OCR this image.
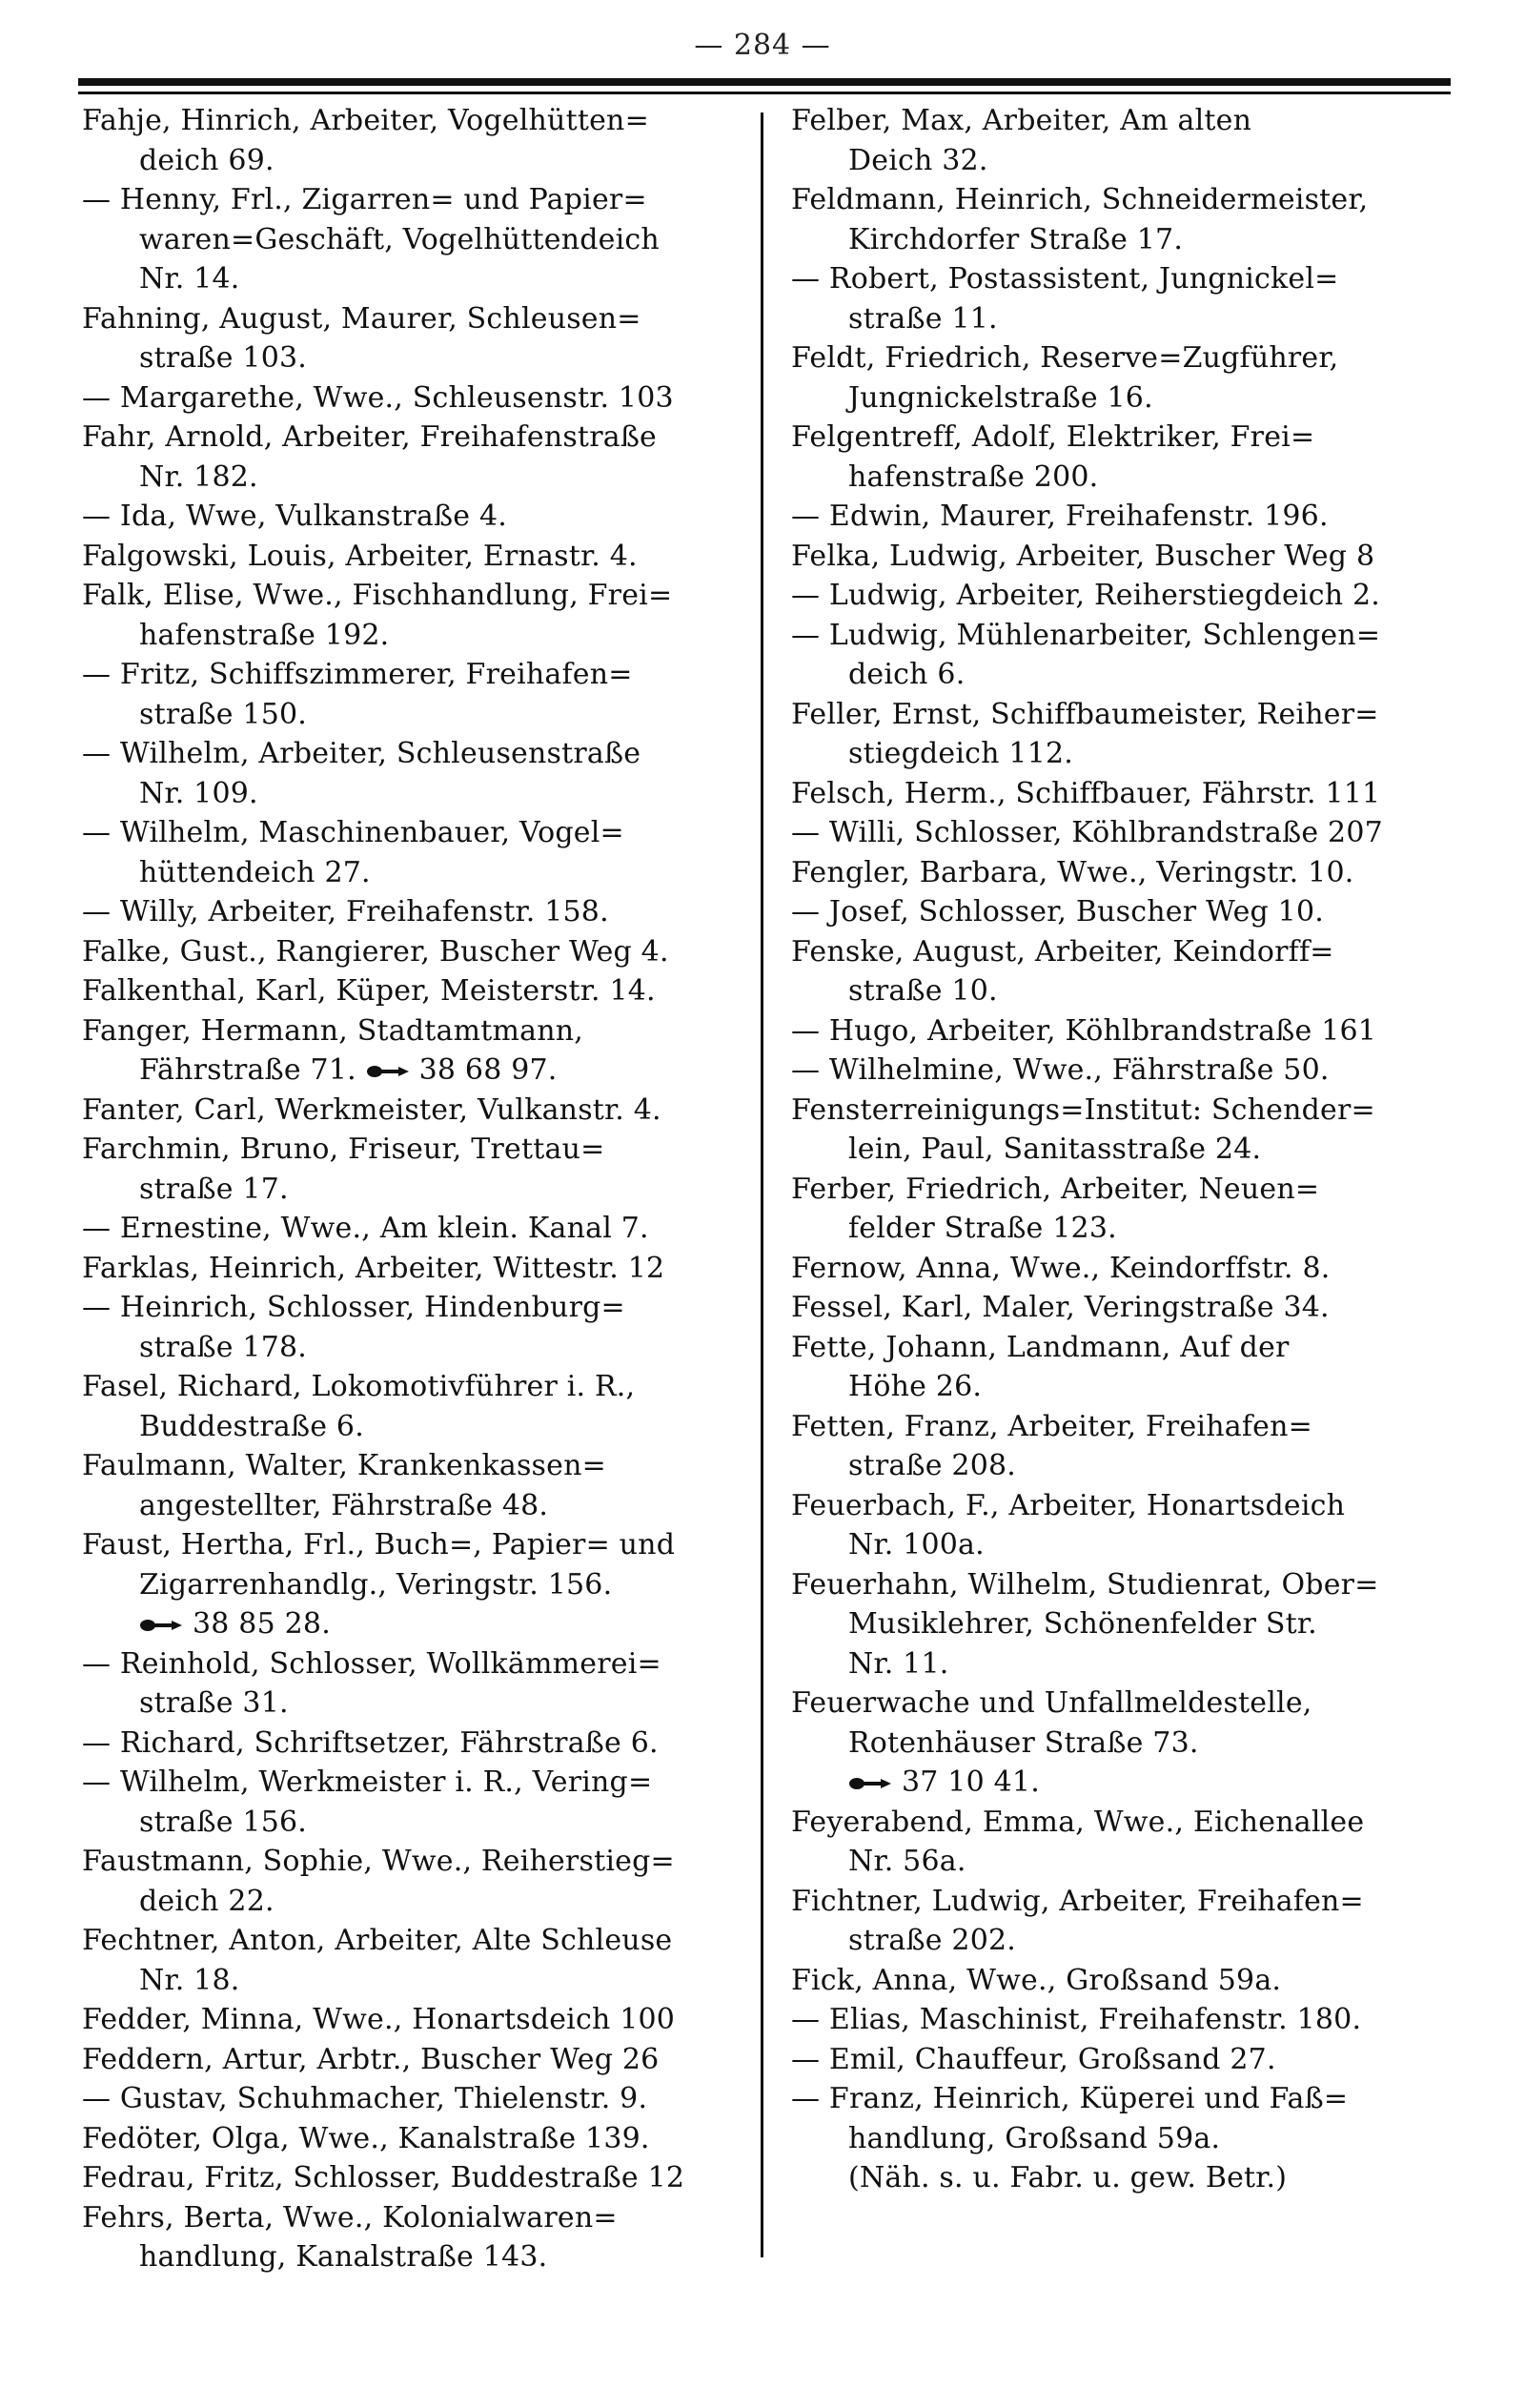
— 284 —
Fahje, Hinrich, Arbeiter, Vogelhütten=
deich 69.
— Henny, Frl., Zigarren= und Papier=
waren=Geschäft, Vogelhüttendeich
Nr. 14.
Fahning, August, Maurer, Schleusen=
straße 103.
— Margarethe, Wwe., Schleusenstr. 103
Fahr, Arnold, Arbeiter, Freihafenstraße
Nr. 182.
— Ida, Wwe, Vulkanstraße 4.
Falgowski, Louis, Arbeiter, Ernastr. 4.
Falk, Elise, Wwe., Fischhandlung, Frei=
hafenstraße 192.
— Fritz, Schiffszimmerer, Freihafen=
straße 150.
— Wilhelm, Arbeiter, Schleusenstraße
Nr. 109.
— Wilhelm, Maschinenbauer, Vogel=
hüttendeich 27.
— Willy, Arbeiter, Freihafenstr. 158.
Falke, Gust., Rangierer, Buscher Weg 4.
Falkenthal, Karl, Küper, Meisterstr. 14.
Fanger, Hermann, Stadtamtmann,
Fährstraße 71. 38 68 97.
Fanter, Carl, Werkmeister, Vulkanstr. 4.
Farchmin, Bruno, Friseur, Trettau=
straße 17.
— Ernestine, Wwe., Am klein. Kanal 7.
Farklas, Heinrich, Arbeiter, Wittestr. 12
— Heinrich, Schlosser, Hindenburg=
straße 178.
Fasel, Richard, Lokomotivführer i. R.,
Buddestraße 6.
Faulmann, Walter, Krankenkassen=
angestellter, Fährstraße 48.
Faust, Hertha, Frl., Buch=, Papier= und
Zigarrenhandlg., Veringstr. 156.
38 85 28.
— Reinhold, Schlosser, Wollkämmerei=
straße 31.
— Richard, Schriftsetzer, Fährstraße 6.
— Wilhelm, Werkmeister i. R., Vering=
straße 156.
Faustmann, Sophie, Wwe., Reiherstieg=
deich 22.
Fechtner, Anton, Arbeiter, Alte Schleuse
Nr. 18.
Fedder, Minna, Wwe., Honartsdeich 100
Feddern, Artur, Arbtr., Buscher Weg 26
— Gustav, Schuhmacher, Thielenstr. 9.
Fedöter, Olga, Wwe., Kanalstraße 139.
Fedrau, Fritz, Schlosser, Buddestraße 12
Fehrs, Berta, Wwe., Kolonialwaren=
handlung, Kanalstraße 143.
Felber, Max, Arbeiter, Am alten
Deich 32.
Feldmann, Heinrich, Schneidermeister,
Kirchdorfer Straße 17.
— Robert, Postassistent, Jungnickel=
straße 11.
Feldt, Friedrich, Reserve=Zugführer,
Jungnickelstraße 16.
Felgentreff, Adolf, Elektriker, Frei=
hafenstraße 200.
— Edwin, Maurer, Freihafenstr. 196.
Felka, Ludwig, Arbeiter, Buscher Weg 8
— Ludwig, Arbeiter, Reiherstiegdeich 2.
— Ludwig, Mühlenarbeiter, Schlengen=
deich 6.
Feller, Ernst, Schiffbaumeister, Reiher=
stiegdeich 112.
Felsch, Herm., Schiffbauer, Fährstr. 111
— Willi, Schlosser, Köhlbrandstraße 207
Fengler, Barbara, Wwe., Veringstr. 10.
— Josef, Schlosser, Buscher Weg 10.
Fenske, August, Arbeiter, Keindorff=
straße 10.
— Hugo, Arbeiter, Köhlbrandstraße 161
— Wilhelmine, Wwe., Fährstraße 50.
Fensterreinigungs=Institut: Schender=
lein, Paul, Sanitasstraße 24.
Ferber, Friedrich, Arbeiter, Neuen=
felder Straße 123.
Fernow, Anna, Wwe., Keindorffstr. 8.
Fessel, Karl, Maler, Veringstraße 34.
Fette, Johann, Landmann, Auf der
Höhe 26.
Fetten, Franz, Arbeiter, Freihafen=
straße 208.
Feuerbach, F., Arbeiter, Honartsdeich
Nr. 100a.
Feuerhahn, Wilhelm, Studienrat, Ober=
Musiklehrer, Schönenfelder Str.
Nr. 11.
Feuerwache und Unfallmeldestelle,
Rotenhäuser Straße 73.
37 10 41.
Feyerabend, Emma, Wwe., Eichenallee
Nr. 56a.
Fichtner, Ludwig, Arbeiter, Freihafen=
straße 202.
Fick, Anna, Wwe., Großsand 59a.
— Elias, Maschinist, Freihafenstr. 180.
— Emil, Chauffeur, Großsand 27.
— Franz, Heinrich, Küperei und Faß=
handlung, Großsand 59a.
(Näh. s. u. Fabr. u. gew. Betr.)
